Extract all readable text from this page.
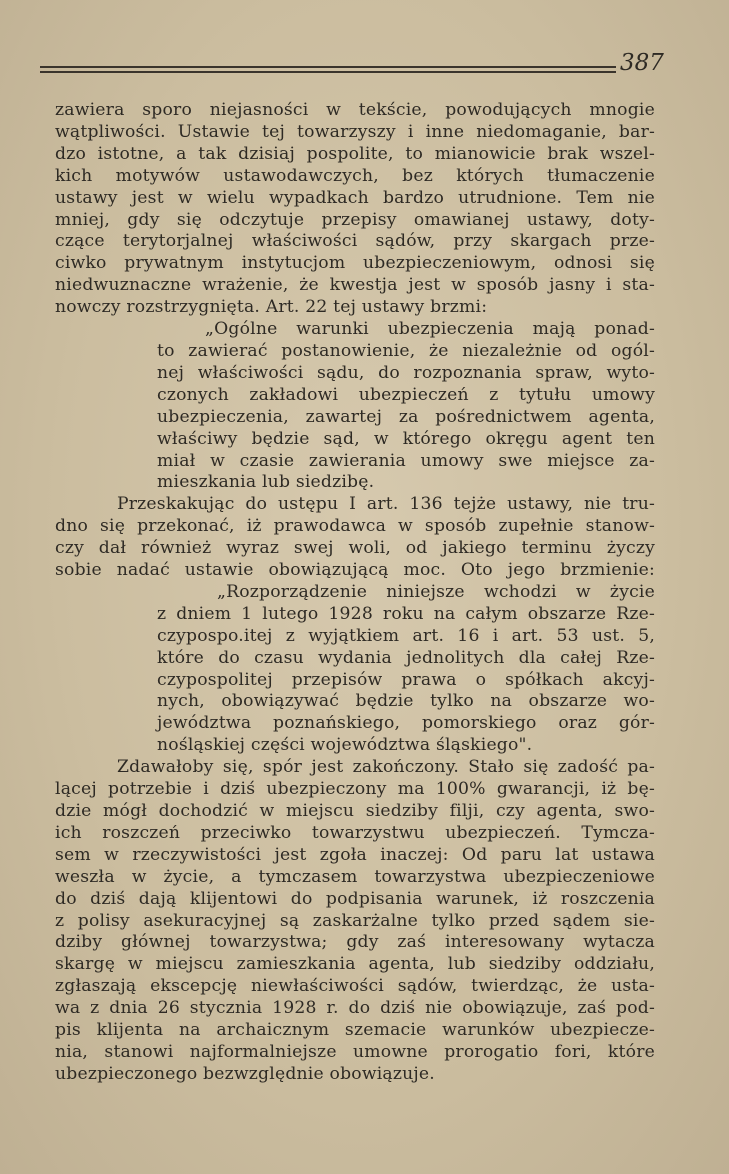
387
zawiera sporo niejasności w tekście, powodujących mnogie
wątpliwości. Ustawie tej towarzyszy i inne niedomaganie, bar-
dzo istotne, a tak dzisiaj pospolite, to mianowicie brak wszel-
kich motywów ustawodawczych, bez których tłumaczenie
ustawy jest w wielu wypadkach bardzo utrudnione. Tem nie
mniej, gdy się odczytuje przepisy omawianej ustawy, doty-
czące terytorjalnej właściwości sądów, przy skargach prze-
ciwko prywatnym instytucjom ubezpieczeniowym, odnosi się
niedwuznaczne wrażenie, że kwestja jest w sposób jasny i sta-
nowczy rozstrzygnięta. Art. 22 tej ustawy brzmi:
„Ogólne warunki ubezpieczenia mają ponad-
to zawierać postanowienie, że niezależnie od ogól-
nej właściwości sądu, do rozpoznania spraw, wyto-
czonych zakładowi ubezpieczeń z tytułu umowy
ubezpieczenia, zawartej za pośrednictwem agenta,
właściwy będzie sąd, w którego okręgu agent ten
miał w czasie zawierania umowy swe miejsce za-
mieszkania lub siedzibę.
Przeskakując do ustępu I art. 136 tejże ustawy, nie tru-
dno się przekonać, iż prawodawca w sposób zupełnie stanow-
czy dał również wyraz swej woli, od jakiego terminu życzy
sobie nadać ustawie obowiązującą moc. Oto jego brzmienie:
„Rozporządzenie niniejsze wchodzi w życie
z dniem 1 lutego 1928 roku na całym obszarze Rze-
czypospo.itej z wyjątkiem art. 16 i art. 53 ust. 5,
które do czasu wydania jednolitych dla całej Rze-
czypospolitej przepisów prawa o spółkach akcyj-
nych, obowiązywać będzie tylko na obszarze wo-
jewództwa poznańskiego, pomorskiego oraz gór-
nośląskiej części województwa śląskiego".
Zdawałoby się, spór jest zakończony. Stało się zadość pa-
lącej potrzebie i dziś ubezpieczony ma 100% gwarancji, iż bę-
dzie mógł dochodzić w miejscu siedziby filji, czy agenta, swo-
ich roszczeń przeciwko towarzystwu ubezpieczeń. Tymcza-
sem w rzeczywistości jest zgoła inaczej: Od paru lat ustawa
weszła w życie, a tymczasem towarzystwa ubezpieczeniowe
do dziś dają klijentowi do podpisania warunek, iż roszczenia
z polisy asekuracyjnej są zaskarżalne tylko przed sądem sie-
dziby głównej towarzystwa; gdy zaś interesowany wytacza
skargę w miejscu zamieszkania agenta, lub siedziby oddziału,
zgłaszają ekscepcję niewłaściwości sądów, twierdząc, że usta-
wa z dnia 26 stycznia 1928 r. do dziś nie obowiązuje, zaś pod-
pis klijenta na archaicznym szemacie warunków ubezpiecze-
nia, stanowi najformalniejsze umowne prorogatio fori, które
ubezpieczonego bezwzględnie obowiązuje.
